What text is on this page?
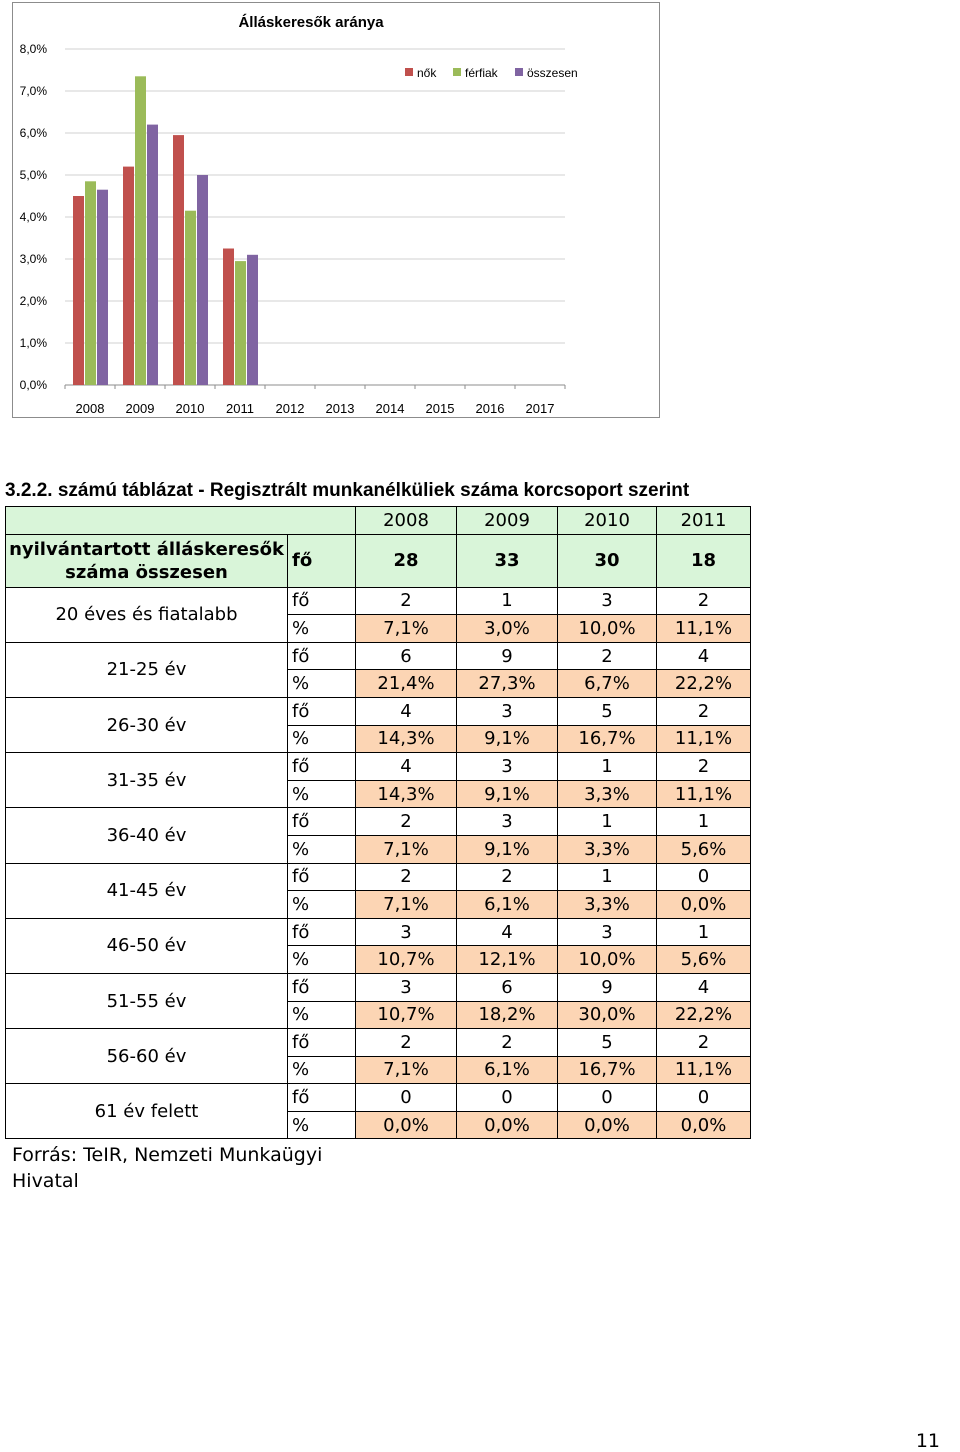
Álláskeresők aránya
0,0%
1,0%
2,0%
3,0%
4,0%
5,0%
6,0%
7,0%
8,0%
2008 2009 2010 2011 2012 2013 2014 2015 2016 2017
nők férfiak összesen
3.2.2. számú táblázat - Regisztrált munkanélküliek száma korcsoport szerint
		2008	2009	2010	2011
nyilvántartott álláskeresők száma összesen	fő	28	33	30	18
20 éves és fiatalabb	fő	2	1	3	2
	%	7,1%	3,0%	10,0%	11,1%
21-25 év	fő	6	9	2	4
	%	21,4%	27,3%	6,7%	22,2%
26-30 év	fő	4	3	5	2
	%	14,3%	9,1%	16,7%	11,1%
31-35 év	fő	4	3	1	2
	%	14,3%	9,1%	3,3%	11,1%
36-40 év	fő	2	3	1	1
	%	7,1%	9,1%	3,3%	5,6%
41-45 év	fő	2	2	1	0
	%	7,1%	6,1%	3,3%	0,0%
46-50 év	fő	3	4	3	1
	%	10,7%	12,1%	10,0%	5,6%
51-55 év	fő	3	6	9	4
	%	10,7%	18,2%	30,0%	22,2%
56-60 év	fő	2	2	5	2
	%	7,1%	6,1%	16,7%	11,1%
61 év felett	fő	0	0	0	0
	%	0,0%	0,0%	0,0%	0,0%
Forrás: TeIR, Nemzeti Munkaügyi Hivatal
11
